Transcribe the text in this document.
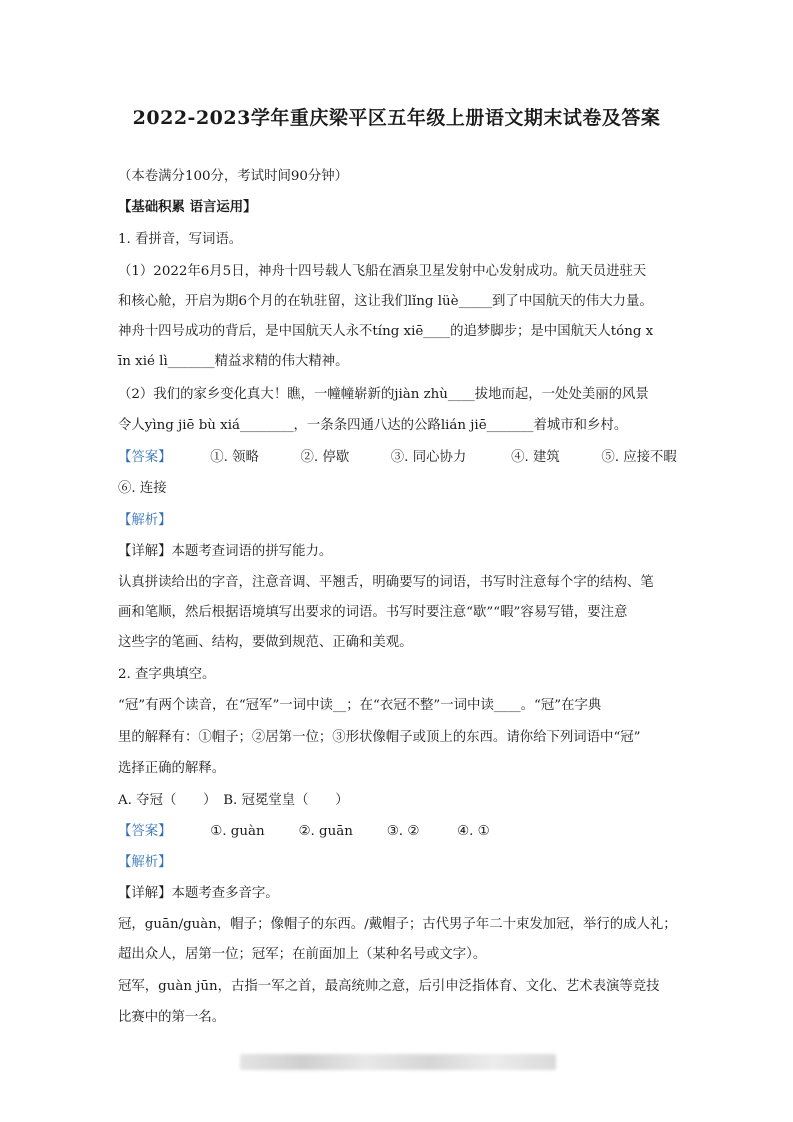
2022-2023学年重庆梁平区五年级上册语文期末试卷及答案
（本卷满分100分，考试时间90分钟）
【基础积累 语言运用】
1. 看拼音，写词语。
（1）2022年6月5日，神舟十四号载人飞船在酒泉卫星发射中心发射成功。航天员进驻天
和核心舱，开启为期6个月的在轨驻留，这让我们lǐng lüè_____到了中国航天的伟大力量。
神舟十四号成功的背后，是中国航天人永不tíng xiē____的追梦脚步；是中国航天人tóng x
īn xié lì_______精益求精的伟大精神。
（2）我们的家乡变化真大！瞧，一幢幢崭新的jiàn zhù____拔地而起，一处处美丽的风景
令人yìng jiē bù xiá________，一条条四通八达的公路lián jiē_______着城市和乡村。
【答案】	①. 领略	②. 停歇	③. 同心协力	④. 建筑	⑤. 应接不暇
⑥. 连接
【解析】
【详解】本题考查词语的拼写能力。
认真拼读给出的字音，注意音调、平翘舌，明确要写的词语，书写时注意每个字的结构、笔
画和笔顺，然后根据语境填写出要求的词语。书写时要注意“歇”“暇”容易写错，要注意
这些字的笔画、结构，要做到规范、正确和美观。
2. 查字典填空。
“冠”有两个读音，在“冠军”一词中读__；在“衣冠不整”一词中读____。“冠”在字典
里的解释有：①帽子；②居第一位；③形状像帽子或顶上的东西。请你给下列词语中“冠”
选择正确的解释。
A. 夺冠（　　）　B. 冠冕堂皇（　　）
【答案】	①. guàn	②. guān	③. ②	④. ①
【解析】
【详解】本题考查多音字。
冠，guān/guàn，帽子；像帽子的东西。/戴帽子；古代男子年二十束发加冠，举行的成人礼；
超出众人，居第一位；冠军；在前面加上（某种名号或文字）。
冠军，guàn jūn，古指一军之首，最高统帅之意，后引申泛指体育、文化、艺术表演等竞技
比赛中的第一名。
